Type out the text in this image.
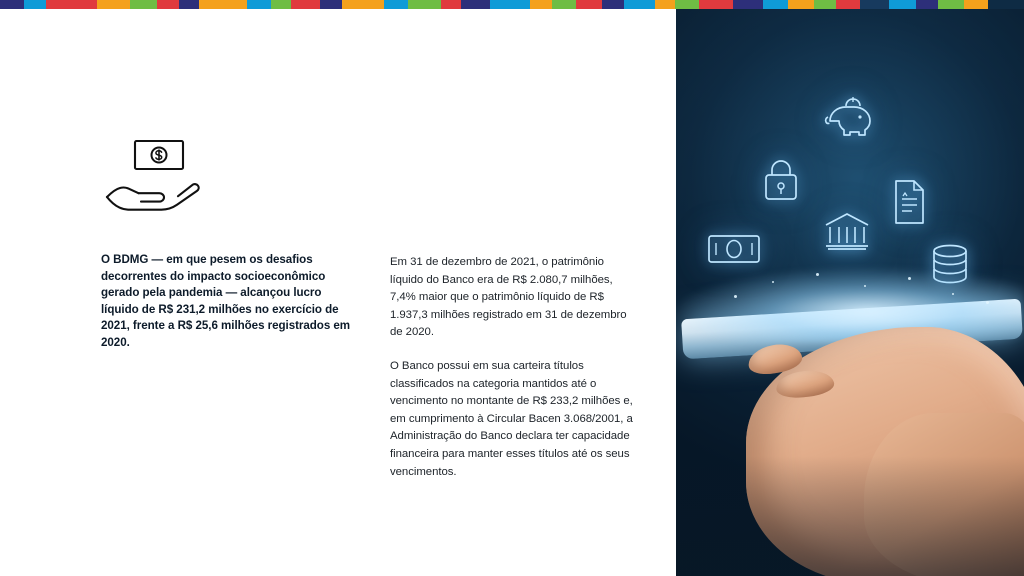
O BDMG — em que pesem os desafios decorrentes do impacto socioeconômico gerado pela pandemia — alcançou lucro líquido de R$ 231,2 milhões no exercício de 2021, frente a R$ 25,6 milhões registrados em 2020.

Em 31 de dezembro de 2021, o patrimônio líquido do Banco era de R$ 2.080,7 milhões, 7,4% maior que o patrimônio líquido de R$ 1.937,3 milhões registrado em 31 de dezembro de 2020.

O Banco possui em sua carteira títulos classificados na categoria mantidos até o vencimento no montante de R$ 233,2 milhões e, em cumprimento à Circular Bacen 3.068/2001, a Administração do Banco declara ter capacidade financeira para manter esses títulos até os seus vencimentos.
